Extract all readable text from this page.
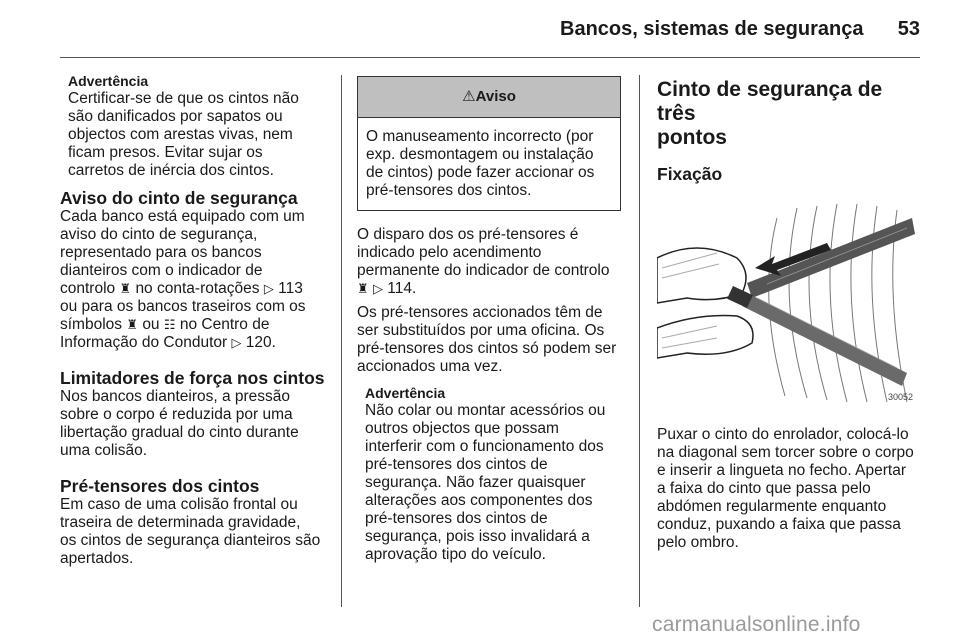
Bancos, sistemas de segurança 53
Advertência

Certificar-se de que os cintos não

são danificados por sapatos ou

objectos com arestas vivas, nem

ficam presos. Evitar sujar os

carretos de inércia dos cintos.

Aviso do cinto de segurança

Cada banco está equipado com um

aviso do cinto de segurança,

representado para os bancos

dianteiros com o indicador de

controlo ♜ no conta-rotações ▷ 113

ou para os bancos traseiros com os

símbolos ♜ ou ☷ no Centro de

Informação do Condutor ▷ 120.

Limitadores de força nos cintos

Nos bancos dianteiros, a pressão

sobre o corpo é reduzida por uma

libertação gradual do cinto durante

uma colisão.

Pré-tensores dos cintos

Em caso de uma colisão frontal ou

traseira de determinada gravidade,

os cintos de segurança dianteiros são

apertados.

⚠Aviso

O manuseamento incorrecto (por

exp. desmontagem ou instalação

de cintos) pode fazer accionar os

pré-tensores dos cintos.

O disparo dos os pré-tensores é

indicado pelo acendimento

permanente do indicador de controlo

♜ ▷ 114.

Os pré-tensores accionados têm de

ser substituídos por uma oficina. Os

pré-tensores dos cintos só podem ser

accionados uma vez.

Advertência

Não colar ou montar acessórios ou

outros objectos que possam

interferir com o funcionamento dos

pré-tensores dos cintos de

segurança. Não fazer quaisquer

alterações aos componentes dos

pré-tensores dos cintos de

segurança, pois isso invalidará a

aprovação tipo do veículo.

Cinto de segurança de três
pontos
Fixação
30052

Puxar o cinto do enrolador, colocá-lo

na diagonal sem torcer sobre o corpo

e inserir a lingueta no fecho. Apertar

a faixa do cinto que passa pelo

abdómen regularmente enquanto

conduz, puxando a faixa que passa

pelo ombro.

carmanualsonline.info
